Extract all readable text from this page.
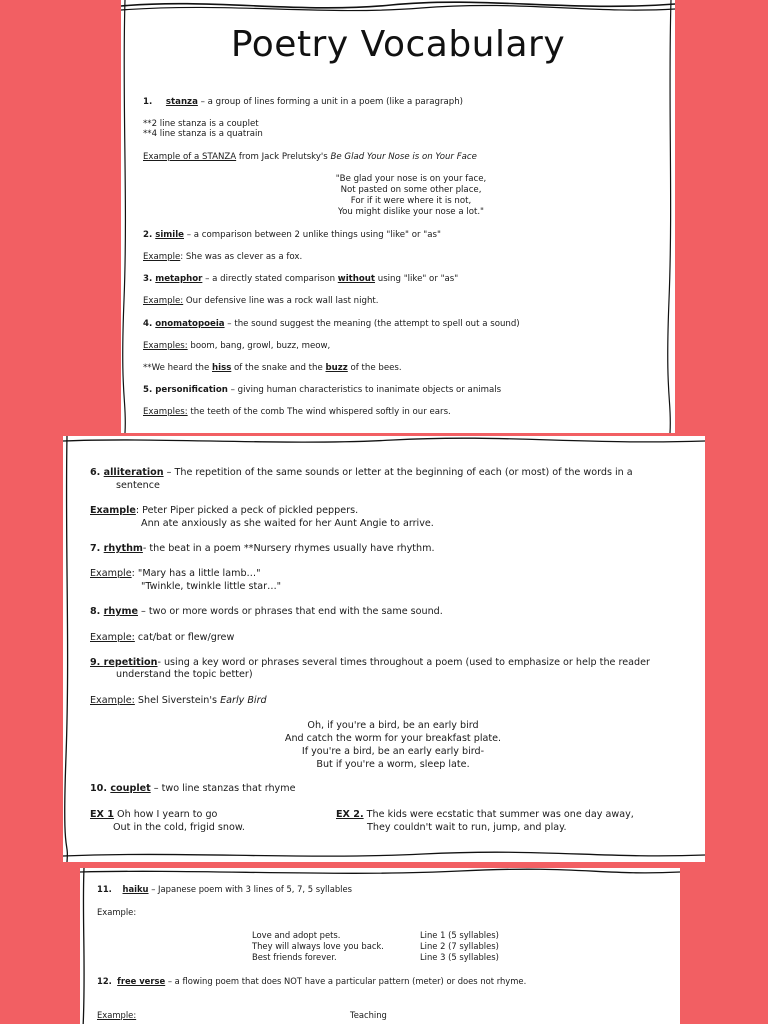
Poetry Vocabulary
1. stanza – a group of lines forming a unit in a poem (like a paragraph)
**2 line stanza is a couplet
**4 line stanza is a quatrain
Example of a STANZA from Jack Prelutsky's Be Glad Your Nose is on Your Face
"Be glad your nose is on your face,
Not pasted on some other place,
For if it were where it is not,
You might dislike your nose a lot."
2. simile – a comparison between 2 unlike things using "like" or "as"
Example: She was as clever as a fox.
3. metaphor – a directly stated comparison without using "like" or "as"
Example: Our defensive line was a rock wall last night.
4. onomatopoeia – the sound suggest the meaning (the attempt to spell out a sound)
Examples: boom, bang, growl, buzz, meow,
**We heard the hiss of the snake and the buzz of the bees.
5. personification – giving human characteristics to inanimate objects or animals
Examples: the teeth of the comb The wind whispered softly in our ears.
6. alliteration – The repetition of the same sounds or letter at the beginning of each (or most) of the words in a
sentence
Example: Peter Piper picked a peck of pickled peppers.
Ann ate anxiously as she waited for her Aunt Angie to arrive.
7. rhythm- the beat in a poem **Nursery rhymes usually have rhythm.
Example: "Mary has a little lamb…"
"Twinkle, twinkle little star…"
8. rhyme – two or more words or phrases that end with the same sound.
Example: cat/bat or flew/grew
9. repetition- using a key word or phrases several times throughout a poem (used to emphasize or help the reader
understand the topic better)
Example: Shel Siverstein's Early Bird
Oh, if you're a bird, be an early bird
And catch the worm for your breakfast plate.
If you're a bird, be an early early bird-
But if you're a worm, sleep late.
10. couplet – two line stanzas that rhyme
EX 1 Oh how I yearn to go
Out in the cold, frigid snow.
EX 2. The kids were ecstatic that summer was one day away,
They couldn't wait to run, jump, and play.
11. haiku – Japanese poem with 3 lines of 5, 7, 5 syllables
Example:
Love and adopt pets.
They will always love you back.
Best friends forever.
Line 1 (5 syllables)
Line 2 (7 syllables)
Line 3 (5 syllables)
12. free verse – a flowing poem that does NOT have a particular pattern (meter) or does not rhyme.
Example:	Teaching
